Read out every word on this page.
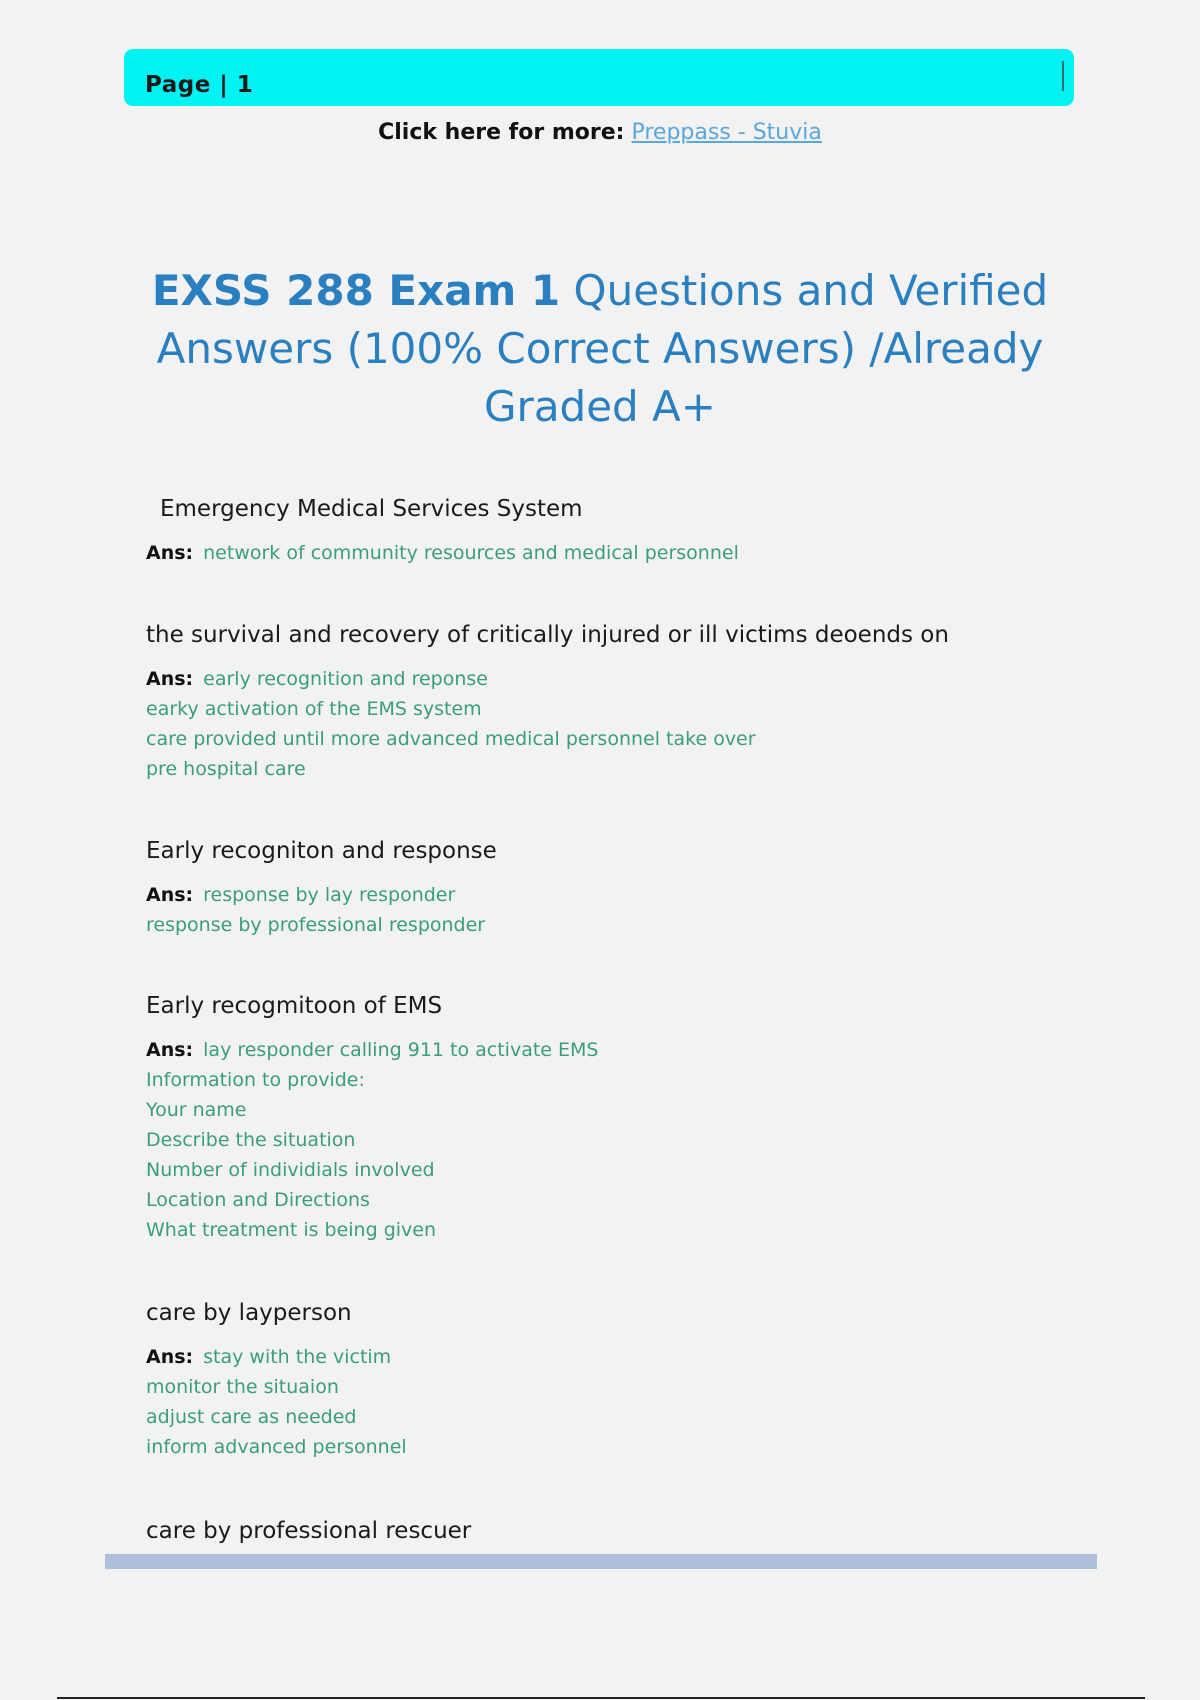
Page | 1
Click here for more: Preppass - Stuvia
EXSS 288 Exam 1 Questions and Verified Answers (100% Correct Answers) /Already Graded A+
Emergency Medical Services System
Ans: network of community resources and medical personnel
the survival and recovery of critically injured or ill victims deoends on
Ans: early recognition and reponse
earky activation of the EMS system
care provided until more advanced medical personnel take over
pre hospital care
Early recogniton and response
Ans: response by lay responder
response by professional responder
Early recogmitoon of EMS
Ans: lay responder calling 911 to activate EMS
Information to provide:
Your name
Describe the situation
Number of individials involved
Location and Directions
What treatment is being given
care by layperson
Ans: stay with the victim
monitor the situaion
adjust care as needed
inform advanced personnel
care by professional rescuer
